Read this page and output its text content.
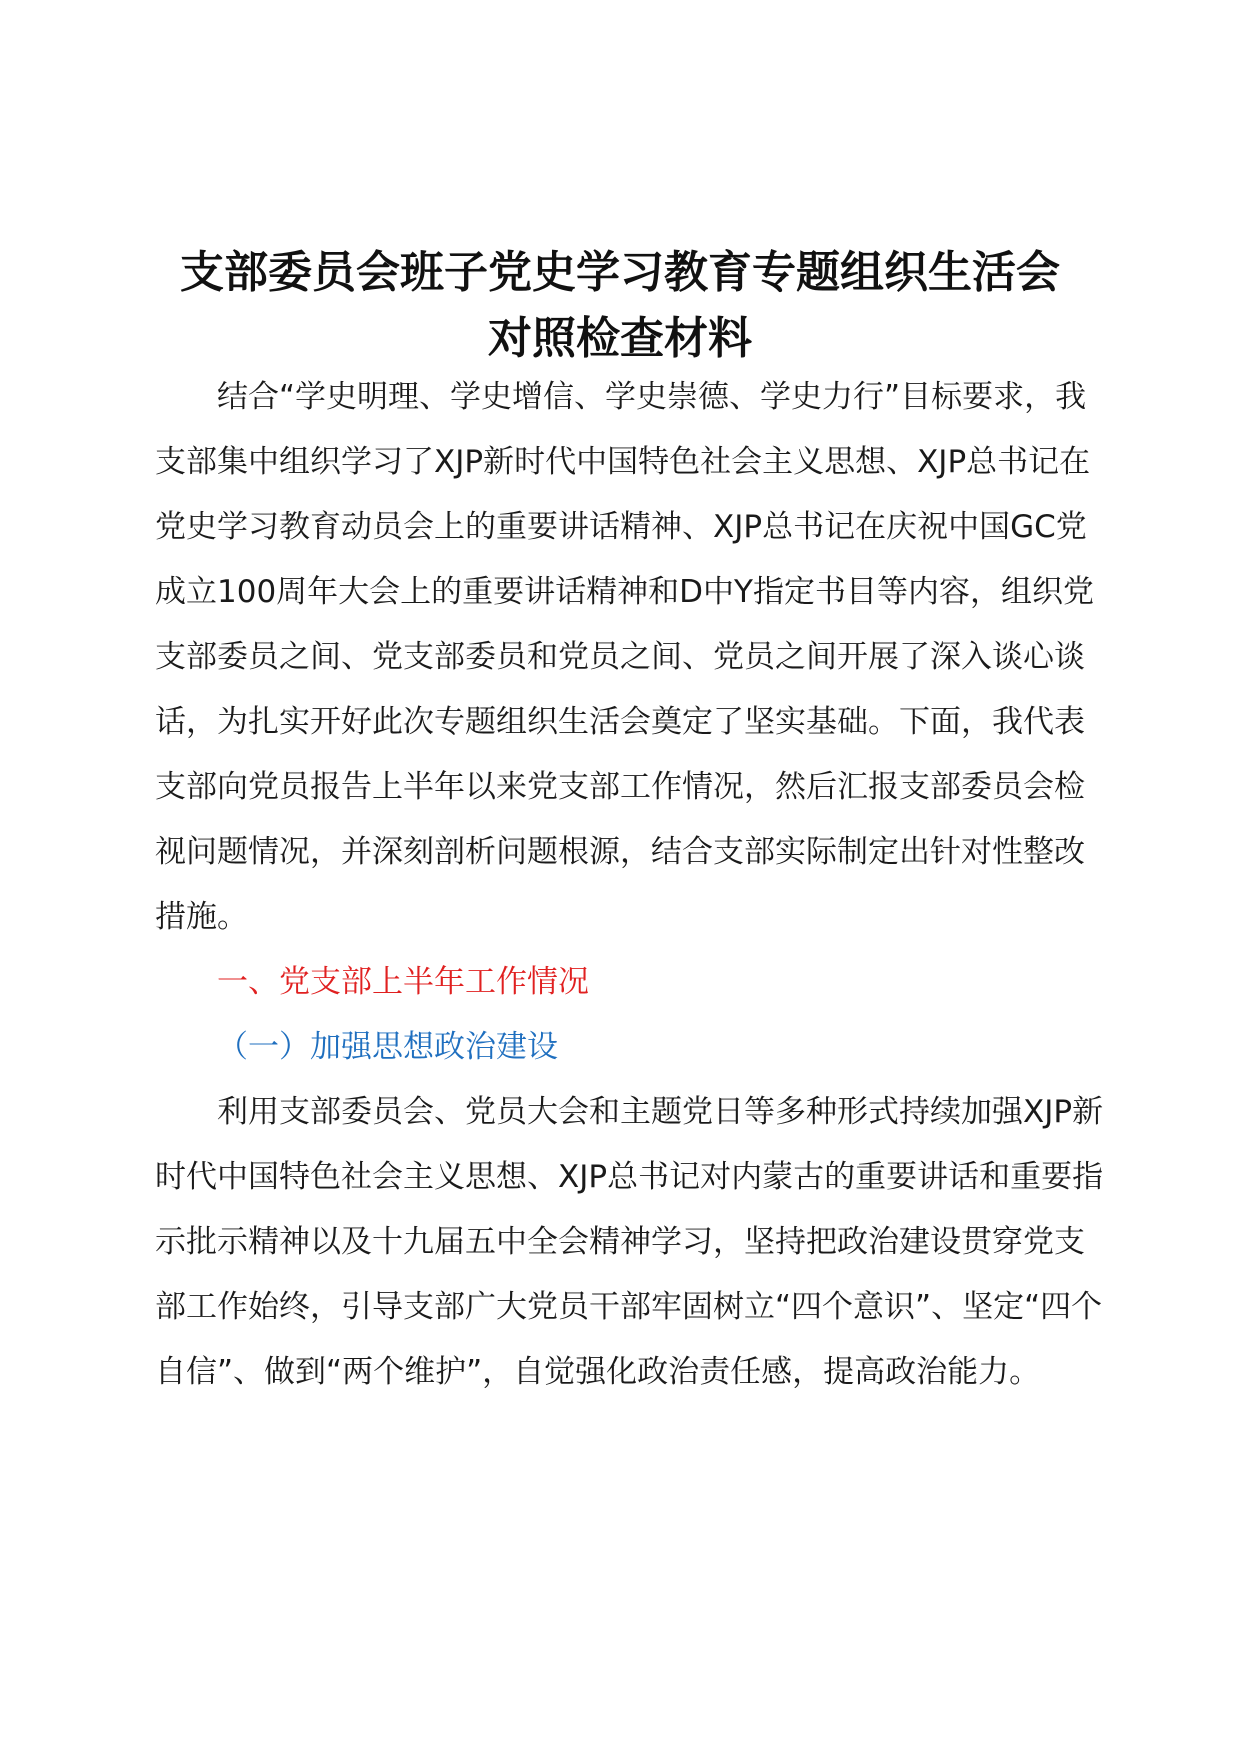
支部委员会班子党史学习教育专题组织生活会
对照检查材料

结合“学史明理、学史增信、学史崇德、学史力行”目标要求，我支部集中组织学习了XJP新时代中国特色社会主义思想、XJP总书记在党史学习教育动员会上的重要讲话精神、XJP总书记在庆祝中国GC党成立100周年大会上的重要讲话精神和D中Y指定书目等内容，组织党支部委员之间、党支部委员和党员之间、党员之间开展了深入谈心谈话，为扎实开好此次专题组织生活会奠定了坚实基础。下面，我代表支部向党员报告上半年以来党支部工作情况，然后汇报支部委员会检视问题情况，并深刻剖析问题根源，结合支部实际制定出针对性整改措施。

一、党支部上半年工作情况

（一）加强思想政治建设

利用支部委员会、党员大会和主题党日等多种形式持续加强XJP新时代中国特色社会主义思想、XJP总书记对内蒙古的重要讲话和重要指示批示精神以及十九届五中全会精神学习，坚持把政治建设贯穿党支部工作始终，引导支部广大党员干部牢固树立“四个意识”、坚定“四个自信”、做到“两个维护”，自觉强化政治责任感，提高政治能力。
